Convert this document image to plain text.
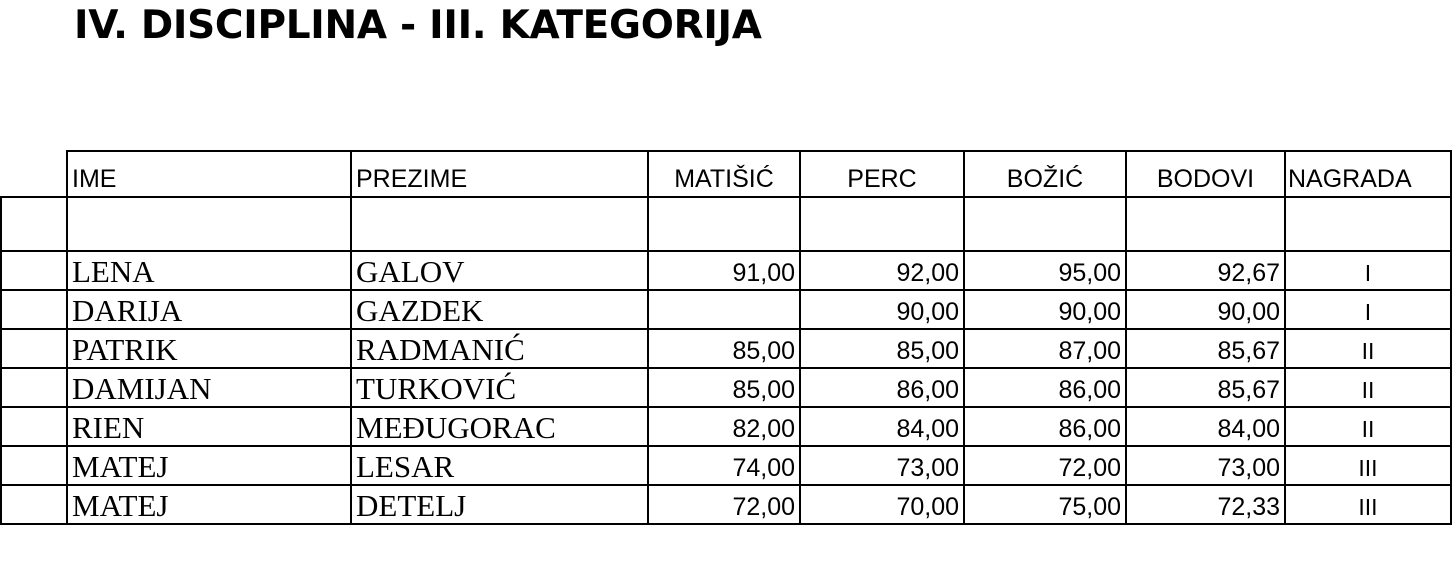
IV. DISCIPLINA - III. KATEGORIJA
	IME	PREZIME	MATIŠIĆ	PERC	BOŽIĆ	BODOVI	NAGRADA

	LENA	GALOV	91,00	92,00	95,00	92,67	I
	DARIJA	GAZDEK		90,00	90,00	90,00	I
	PATRIK	RADMANIĆ	85,00	85,00	87,00	85,67	II
	DAMIJAN	TURKOVIĆ	85,00	86,00	86,00	85,67	II
	RIEN	MEĐUGORAC	82,00	84,00	86,00	84,00	II
	MATEJ	LESAR	74,00	73,00	72,00	73,00	III
	MATEJ	DETELJ	72,00	70,00	75,00	72,33	III
